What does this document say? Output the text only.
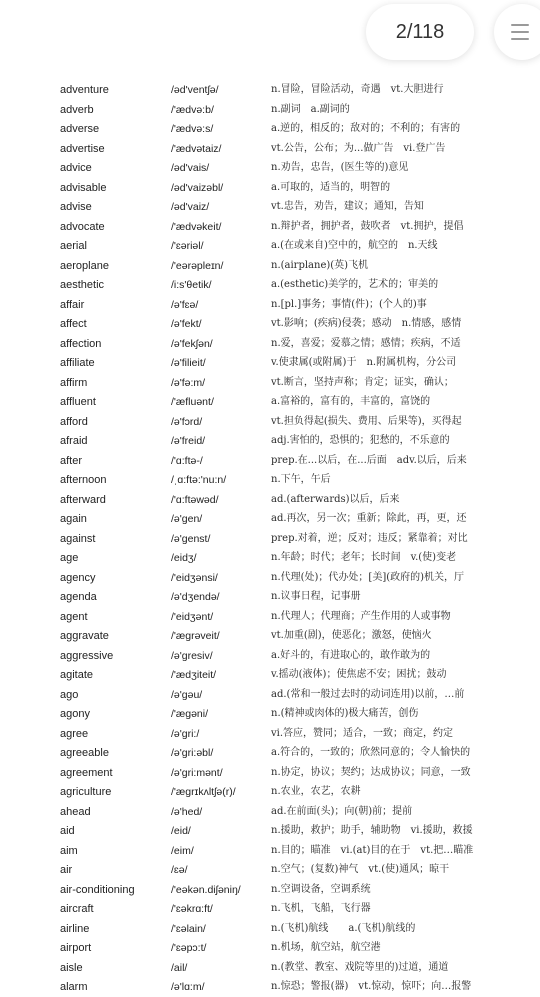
2/118
adventure	/əd'ventʃə/	n.冒险，冒险活动，奇遇　vt.大胆进行
adverb	/'ædvə:b/	n.副词　a.副词的
adverse	/'ædvə:s/	a.逆的，相反的；敌对的；不利的；有害的
advertise	/'ædvətaiz/	vt.公告，公布；为...做广告　vi.登广告
advice	/əd'vais/	n.劝告，忠告，(医生等的)意见
advisable	/əd'vaizəbl/	a.可取的，适当的，明智的
advise	/əd'vaiz/	vt.忠告，劝告，建议；通知，告知
advocate	/'ædvəkeit/	n.辩护者，拥护者，鼓吹者　vt.拥护，提倡
aerial	/'ɛəriəl/	a.(在或来自)空中的，航空的　n.天线
aeroplane	/'eərəpleɪn/	n.(airplane)(英)飞机
aesthetic	/i:s'θetik/	a.(esthetic)美学的，艺术的；审美的
affair	/ə'fɛə/	n.[pl.]事务；事情(件)；(个人的)事
affect	/ə'fekt/	vt.影响；(疾病)侵袭；感动　n.情感，感情
affection	/ə'fekʃən/	n.爱，喜爱；爱慕之情；感情；疾病，不适
affiliate	/ə'filieit/	v.使隶属(或附属)于　n.附属机构，分公司
affirm	/ə'fə:m/	vt.断言，坚持声称；肯定；证实，确认；
affluent	/'æfluənt/	a.富裕的，富有的，丰富的，富饶的
afford	/ə'fɔrd/	vt.担负得起(损失、费用、后果等)，买得起
afraid	/ə'freid/	adj.害怕的，恐惧的；犯愁的，不乐意的
after	/'ɑ:ftə-/	prep.在...以后，在...后面　adv.以后，后来
afternoon	/ˌɑ:ftə:'nu:n/	n.下午，午后
afterward	/'ɑ:ftəwəd/	ad.(afterwards)以后，后来
again	/ə'gen/	ad.再次，另一次；重新；除此，再，更，还
against	/ə'genst/	prep.对着，逆；反对；违反；紧靠着；对比
age	/eidʒ/	n.年龄；时代；老年；长时间　v.(使)变老
agency	/'eidʒənsi/	n.代理(处)；代办处；[美](政府的)机关，厅
agenda	/ə'dʒendə/	n.议事日程，记事册
agent	/'eidʒənt/	n.代理人；代理商；产生作用的人或事物
aggravate	/'ægrəveit/	vt.加重(剧)，使恶化；激怒，使恼火
aggressive	/ə'gresiv/	a.好斗的，有进取心的，敢作敢为的
agitate	/'ædʒiteit/	v.摇动(液体)；使焦虑不安；困扰；鼓动
ago	/ə'gəu/	ad.(常和一般过去时的动词连用)以前，…前
agony	/'ægəni/	n.(精神或肉体的)极大痛苦，创伤
agree	/ə'gri:/	vi.答应，赞同；适合，一致；商定，约定
agreeable	/ə'gri:əbl/	a.符合的，一致的；欣然同意的；令人愉快的
agreement	/ə'gri:mənt/	n.协定，协议；契约；达成协议；同意，一致
agriculture	/'ægrɪkʌltʃə(r)/	n.农业，农艺，农耕
ahead	/ə'hed/	ad.在前面(头)；向(朝)前；提前
aid	/eid/	n.援助，救护；助手，辅助物　vi.援助，救援
aim	/eim/	n.目的；瞄准　vi.(at)目的在于　vt.把…瞄准
air	/ɛə/	n.空气；(复数)神气　vt.(使)通风；晾干
air-conditioning	/'eəkən.diʃəniŋ/	n.空调设备，空调系统
aircraft	/'ɛəkrɑ:ft/	n.飞机，飞船，飞行器
airline	/'ɛəlain/	n.(飞机)航线　　a.(飞机)航线的
airport	/'ɛəpɔ:t/	n.机场，航空站，航空港
aisle	/ail/	n.(教堂、教室、戏院等里的)过道，通道
alarm	/ə'lɑ:m/	n.惊恐；警报(器)　vt.惊动，惊吓；向…报警
